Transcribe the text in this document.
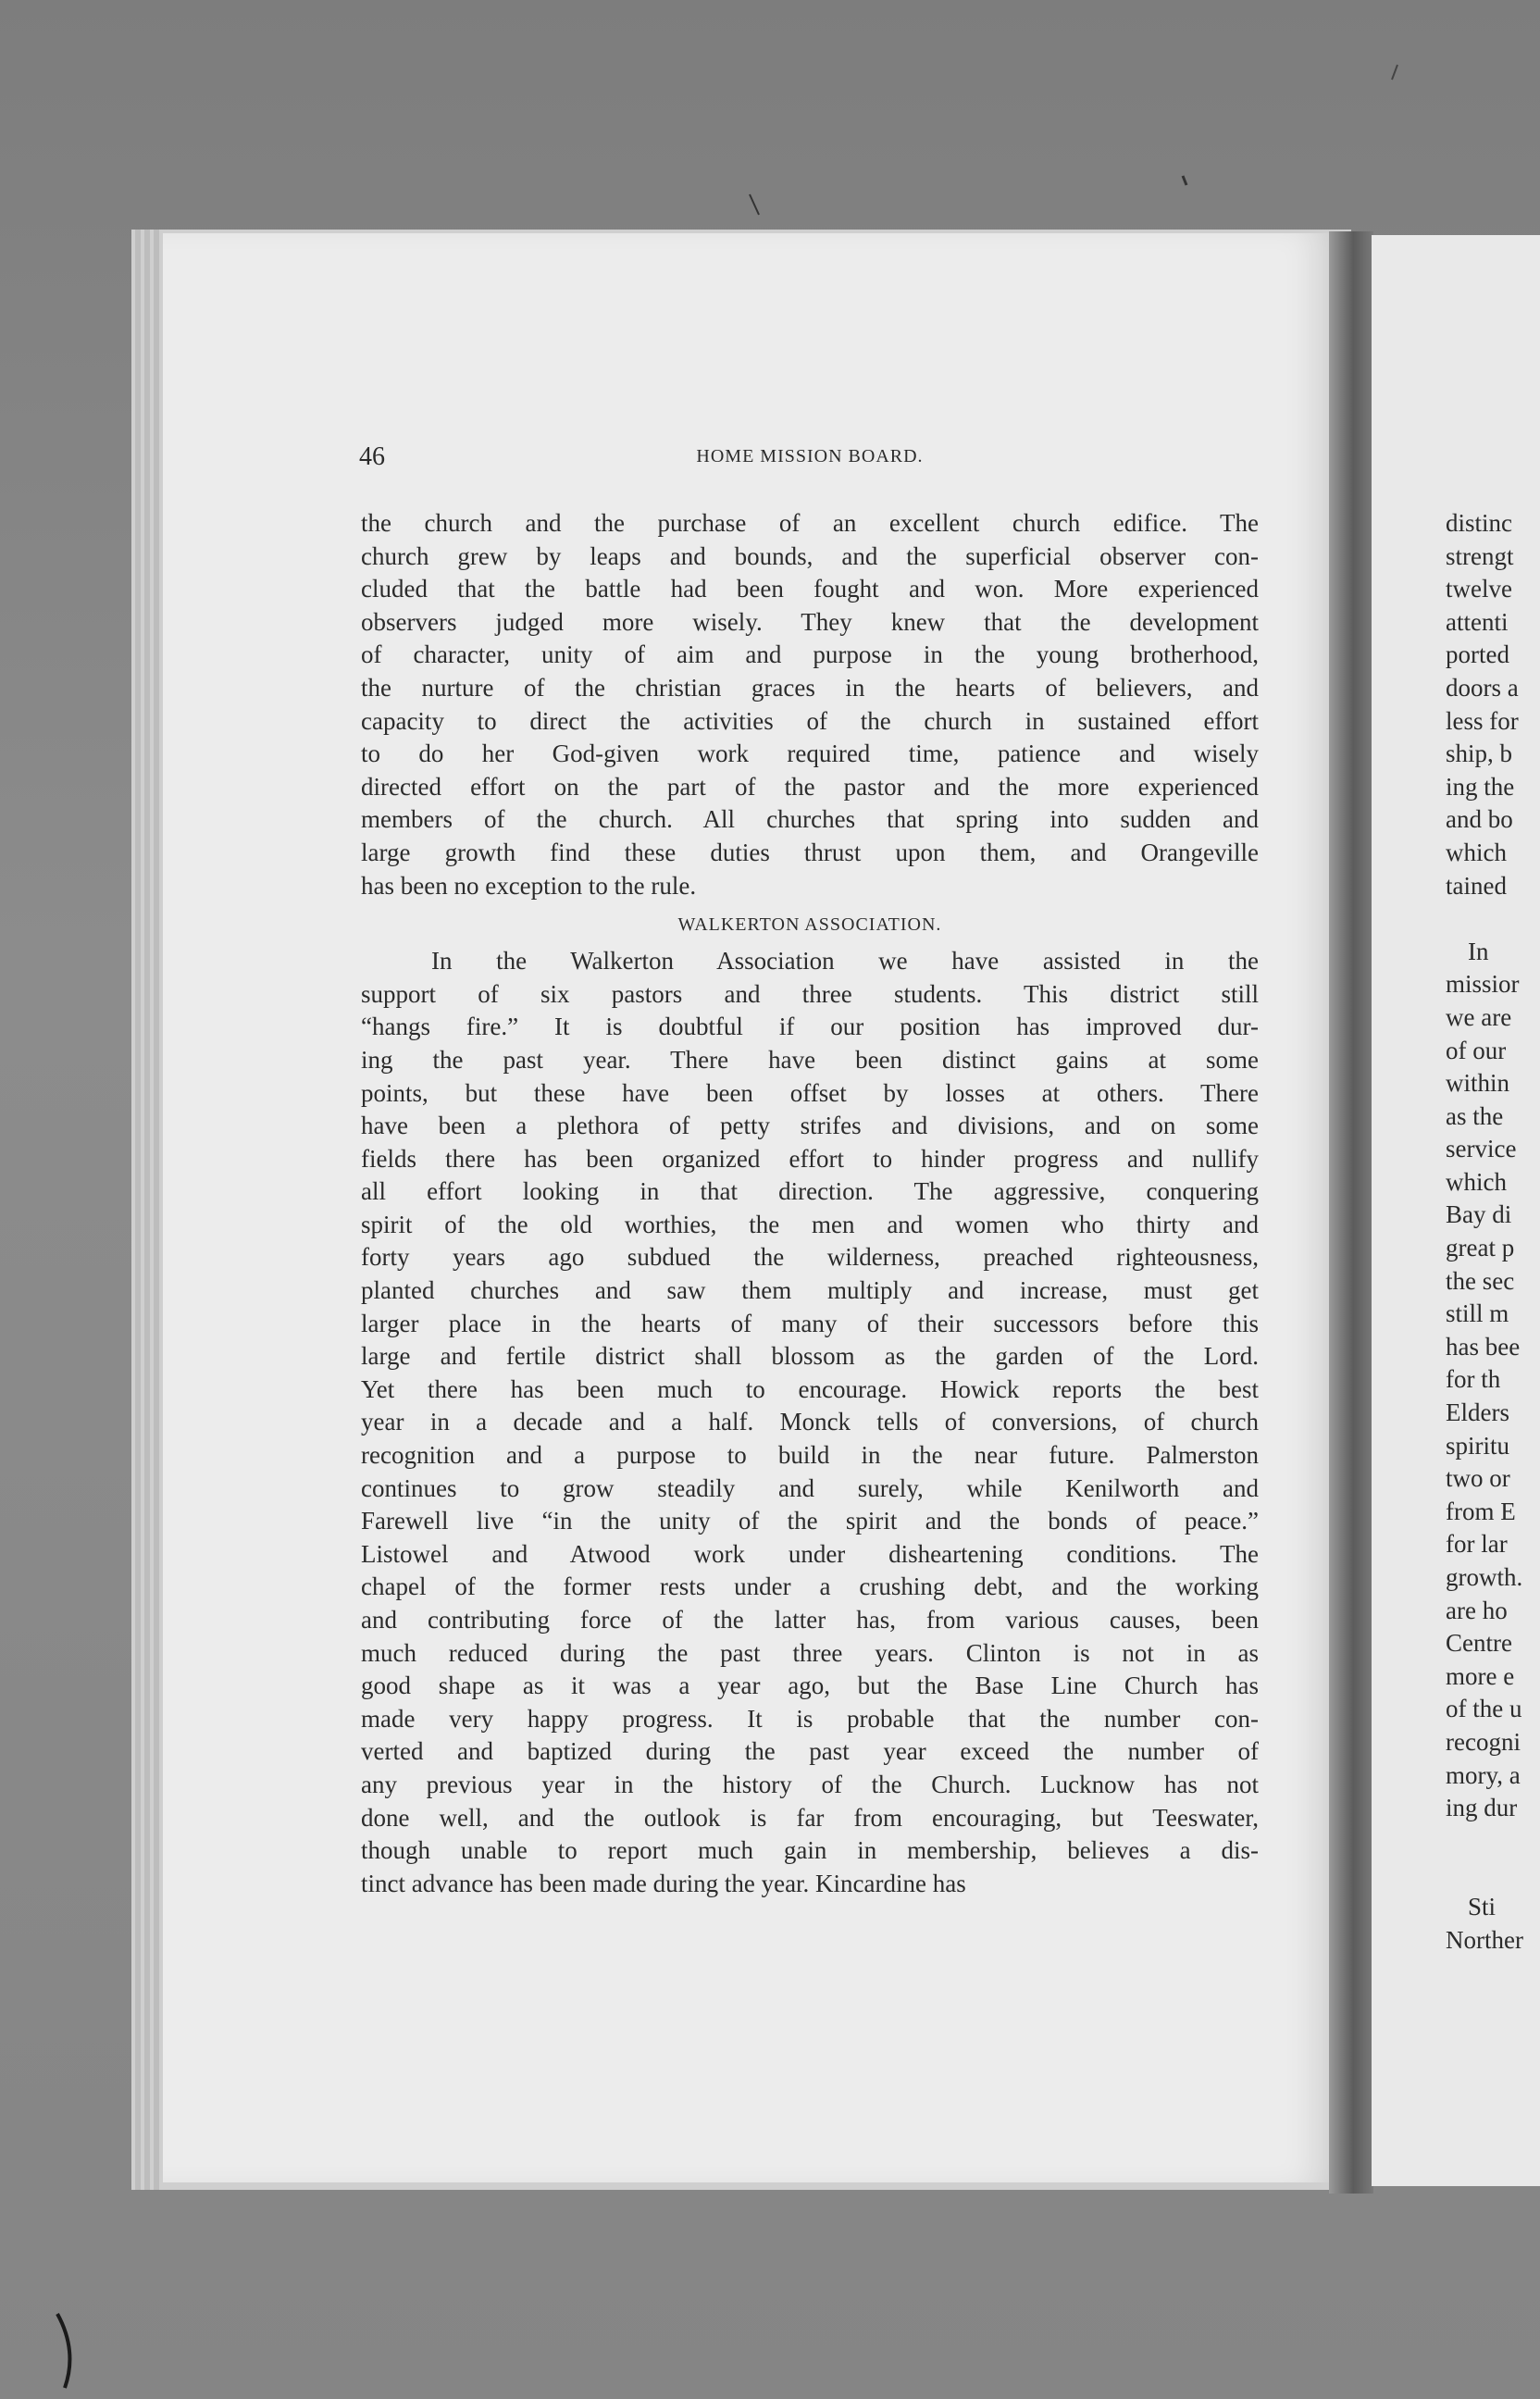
46	HOME MISSION BOARD.
the church and the purchase of an excellent church edifice. The
church grew by leaps and bounds, and the superficial observer con-
cluded that the battle had been fought and won. More experienced
observers judged more wisely. They knew that the development
of character, unity of aim and purpose in the young brotherhood,
the nurture of the christian graces in the hearts of believers, and
capacity to direct the activities of the church in sustained effort
to do her God-given work required time, patience and wisely
directed effort on the part of the pastor and the more experienced
members of the church. All churches that spring into sudden and
large growth find these duties thrust upon them, and Orangeville
has been no exception to the rule.
WALKERTON ASSOCIATION.
In the Walkerton Association we have assisted in the
support of six pastors and three students. This district still
“hangs fire.” It is doubtful if our position has improved dur-
ing the past year. There have been distinct gains at some
points, but these have been offset by losses at others. There
have been a plethora of petty strifes and divisions, and on some
fields there has been organized effort to hinder progress and nullify
all effort looking in that direction. The aggressive, conquering
spirit of the old worthies, the men and women who thirty and
forty years ago subdued the wilderness, preached righteousness,
planted churches and saw them multiply and increase, must get
larger place in the hearts of many of their successors before this
large and fertile district shall blossom as the garden of the Lord.
Yet there has been much to encourage. Howick reports the best
year in a decade and a half. Monck tells of conversions, of church
recognition and a purpose to build in the near future. Palmerston
continues to grow steadily and surely, while Kenilworth and
Farewell live “in the unity of the spirit and the bonds of peace.”
Listowel and Atwood work under disheartening conditions. The
chapel of the former rests under a crushing debt, and the working
and contributing force of the latter has, from various causes, been
much reduced during the past three years. Clinton is not in as
good shape as it was a year ago, but the Base Line Church has
made very happy progress. It is probable that the number con-
verted and baptized during the past year exceed the number of
any previous year in the history of the Church. Lucknow has not
done well, and the outlook is far from encouraging, but Teeswater,
though unable to report much gain in membership, believes a dis-
tinct advance has been made during the year. Kincardine has
distinc
strengt
twelve
attenti
ported
doors a
less for
ship, b
ing the
and bo
which
tained
In
missior
we are
of our
within
as the
service
which
Bay di
great p
the sec
still m
has bee
for th
Elders
spiritu
two or
from E
for lar
growth.
are ho
Centre
more e
of the u
recogni
mory, a
ing dur
Sti
Norther
